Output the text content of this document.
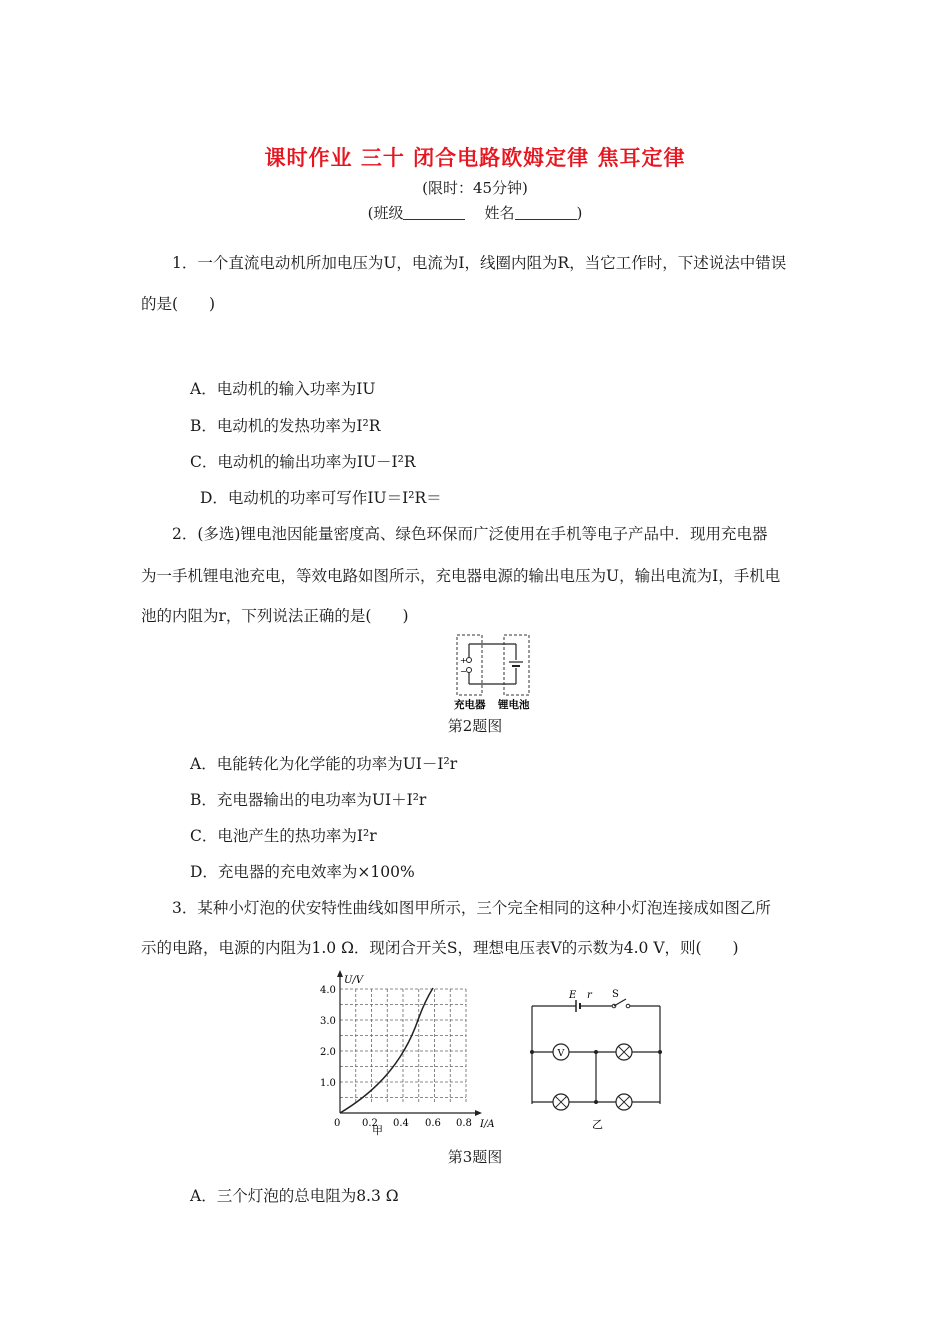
课时作业 三十 闭合电路欧姆定律 焦耳定律
(限时：45分钟)
(班级	姓名	)
1．一个直流电动机所加电压为U，电流为I，线圈内阻为R，当它工作时，下述说法中错误
的是(　　)
A．电动机的输入功率为IU
B．电动机的发热功率为I²R
C．电动机的输出功率为IU－I²R
D．电动机的功率可写作IU＝I²R＝
2．(多选)锂电池因能量密度高、绿色环保而广泛使用在手机等电子产品中．现用充电器
为一手机锂电池充电，等效电路如图所示，充电器电源的输出电压为U，输出电流为I，手机电
池的内阻为r，下列说法正确的是(　　)
+
−
充电器 锂电池
第2题图
A．电能转化为化学能的功率为UI－I²r
B．充电器输出的电功率为UI＋I²r
C．电池产生的热功率为I²r
D．充电器的充电效率为×100%
3．某种小灯泡的伏安特性曲线如图甲所示，三个完全相同的这种小灯泡连接成如图乙所
示的电路，电源的内阻为1.0 Ω．现闭合开关S，理想电压表V的示数为4.0 V，则(　　)
U/V
I/A
0
1.0
2.0
3.0
4.0
0.2 0.4 0.6 0.8
甲
E r S
V
乙
第3题图
A．三个灯泡的总电阻为8.3 Ω
